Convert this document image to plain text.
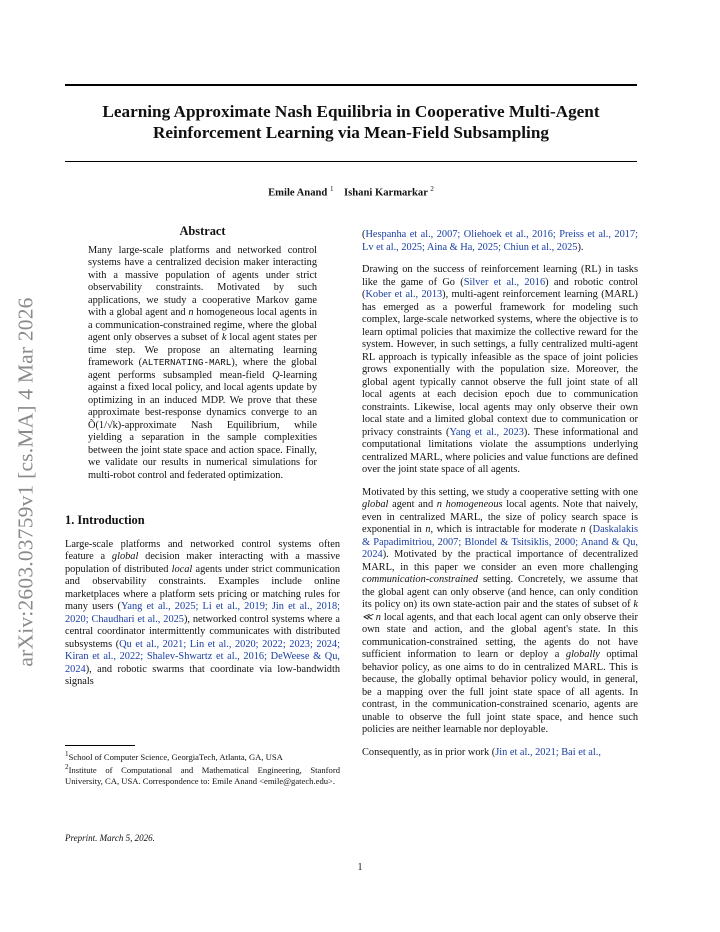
arXiv:2603.03759v1 [cs.MA] 4 Mar 2026
Learning Approximate Nash Equilibria in Cooperative Multi-Agent
Reinforcement Learning via Mean-Field Subsampling
Emile Anand $^1$ Ishani Karmarkar $^2$
Abstract

Many large-scale platforms and networked control systems have a centralized decision maker interacting with a massive population of agents under strict observability constraints. Motivated by such applications, we study a cooperative Markov game with a global agent and n homogeneous local agents in a communication-constrained regime, where the global agent only observes a subset of k local agent states per time step. We propose an alternating learning framework (ALTERNATING-MARL), where the global agent performs subsampled mean-field Q-learning against a fixed local policy, and local agents update by optimizing in an induced MDP. We prove that these approximate best-response dynamics converge to an Õ(1/√k)-approximate Nash Equilibrium, while yielding a separation in the sample complexities between the joint state space and action space. Finally, we validate our results in numerical simulations for multi-robot control and federated optimization.

1. Introduction

Large-scale platforms and networked control systems often feature a global decision maker interacting with a massive population of distributed local agents under strict communication and observability constraints. Examples include online marketplaces where a platform sets pricing or matching rules for many users (Yang et al., 2025; Li et al., 2019; Jin et al., 2018; 2020; Chaudhari et al., 2025), networked control systems where a central coordinator intermittently communicates with distributed subsystems (Qu et al., 2021; Lin et al., 2020; 2022; 2023; 2024; Kiran et al., 2022; Shalev-Shwartz et al., 2016; DeWeese & Qu, 2024), and robotic swarms that coordinate via low-bandwidth signals

$^1$School of Computer Science, GeorgiaTech, Atlanta, GA, USA
$^2$Institute of Computational and Mathematical Engineering, Stanford University, CA, USA. Correspondence to: Emile Anand <emile@gatech.edu>.
Preprint. March 5, 2026.

(Hespanha et al., 2007; Oliehoek et al., 2016; Preiss et al., 2017; Lv et al., 2025; Aina & Ha, 2025; Chiun et al., 2025).

Drawing on the success of reinforcement learning (RL) in tasks like the game of Go (Silver et al., 2016) and robotic control (Kober et al., 2013), multi-agent reinforcement learning (MARL) has emerged as a powerful framework for modeling such complex, large-scale networked systems, where the objective is to learn optimal policies that maximize the collective reward for the system. However, in such settings, a fully centralized multi-agent RL approach is typically infeasible as the space of joint policies grows exponentially with the population size. Moreover, the global agent typically cannot observe the full joint state of all local agents at each decision epoch due to communication constraints. Likewise, local agents may only observe their own local state and a limited global context due to communication or privacy constraints (Yang et al., 2023). These informational and computational limitations violate the assumptions underlying centralized MARL, where policies and value functions are defined over the joint state space of all agents.

Motivated by this setting, we study a cooperative setting with one global agent and n homogeneous local agents. Note that naively, even in centralized MARL, the size of policy search space is exponential in n, which is intractable for moderate n (Daskalakis & Papadimitriou, 2007; Blondel & Tsitsiklis, 2000; Anand & Qu, 2024). Motivated by the practical importance of decentralized MARL, in this paper we consider an even more challenging communication-constrained setting. Concretely, we assume that the global agent can only observe (and hence, can only condition its policy on) its own state-action pair and the states of subset of k ≪ n local agents, and that each local agent can only observe their own state and action, and the global agent's state. In this communication-constrained setting, the agents do not have sufficient information to learn or deploy a globally optimal behavior policy, as one aims to do in centralized MARL. This is because, the globally optimal behavior policy would, in general, be a mapping over the full joint state space of all agents. In contrast, in the communication-constrained scenario, agents are unable to observe the full joint state space, and hence such policies are neither learnable nor deployable.

Consequently, as in prior work (Jin et al., 2021; Bai et al.,

1
